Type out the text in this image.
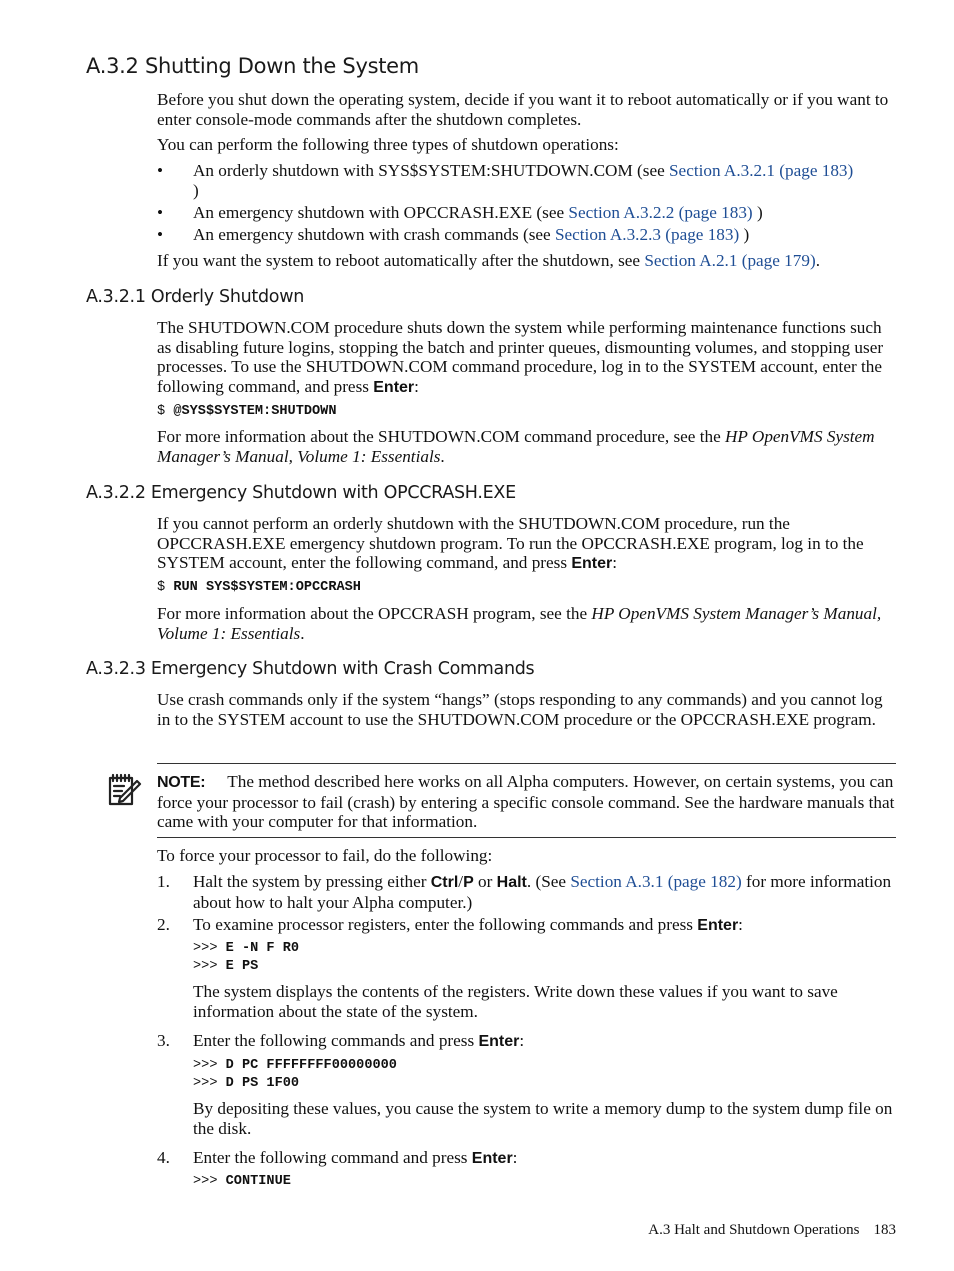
A.3.2 Shutting Down the System

Before you shut down the operating system, decide if you want it to reboot automatically or if you want to enter console-mode commands after the shutdown completes.

You can perform the following three types of shutdown operations:

• An orderly shutdown with SYS$SYSTEM:SHUTDOWN.COM (see Section A.3.2.1 (page 183)
)
• An emergency shutdown with OPCCRASH.EXE (see Section A.3.2.2 (page 183) )
• An emergency shutdown with crash commands (see Section A.3.2.3 (page 183) )

If you want the system to reboot automatically after the shutdown, see Section A.2.1 (page 179).

A.3.2.1 Orderly Shutdown

The SHUTDOWN.COM procedure shuts down the system while performing maintenance functions such as disabling future logins, stopping the batch and printer queues, dismounting volumes, and stopping user processes. To use the SHUTDOWN.COM command procedure, log in to the SYSTEM account, enter the following command, and press Enter:

$ @SYS$SYSTEM:SHUTDOWN

For more information about the SHUTDOWN.COM command procedure, see the HP OpenVMS System Manager’s Manual, Volume 1: Essentials.

A.3.2.2 Emergency Shutdown with OPCCRASH.EXE

If you cannot perform an orderly shutdown with the SHUTDOWN.COM procedure, run the OPCCRASH.EXE emergency shutdown program. To run the OPCCRASH.EXE program, log in to the SYSTEM account, enter the following command, and press Enter:

$ RUN SYS$SYSTEM:OPCCRASH

For more information about the OPCCRASH program, see the HP OpenVMS System Manager’s Manual, Volume 1: Essentials.

A.3.2.3 Emergency Shutdown with Crash Commands

Use crash commands only if the system “hangs” (stops responding to any commands) and you cannot log in to the SYSTEM account to use the SHUTDOWN.COM procedure or the OPCCRASH.EXE program.

NOTE: The method described here works on all Alpha computers. However, on certain systems, you can force your processor to fail (crash) by entering a specific console command. See the hardware manuals that came with your computer for that information.

To force your processor to fail, do the following:

1. Halt the system by pressing either Ctrl/P or Halt. (See Section A.3.1 (page 182) for more information about how to halt your Alpha computer.)
2. To examine processor registers, enter the following commands and press Enter:
>>> E -N F R0
>>> E PS

The system displays the contents of the registers. Write down these values if you want to save information about the state of the system.

3. Enter the following commands and press Enter:
>>> D PC FFFFFFFF00000000
>>> D PS 1F00

By depositing these values, you cause the system to write a memory dump to the system dump file on the disk.

4. Enter the following command and press Enter:
>>> CONTINUE
A.3 Halt and Shutdown Operations 183
